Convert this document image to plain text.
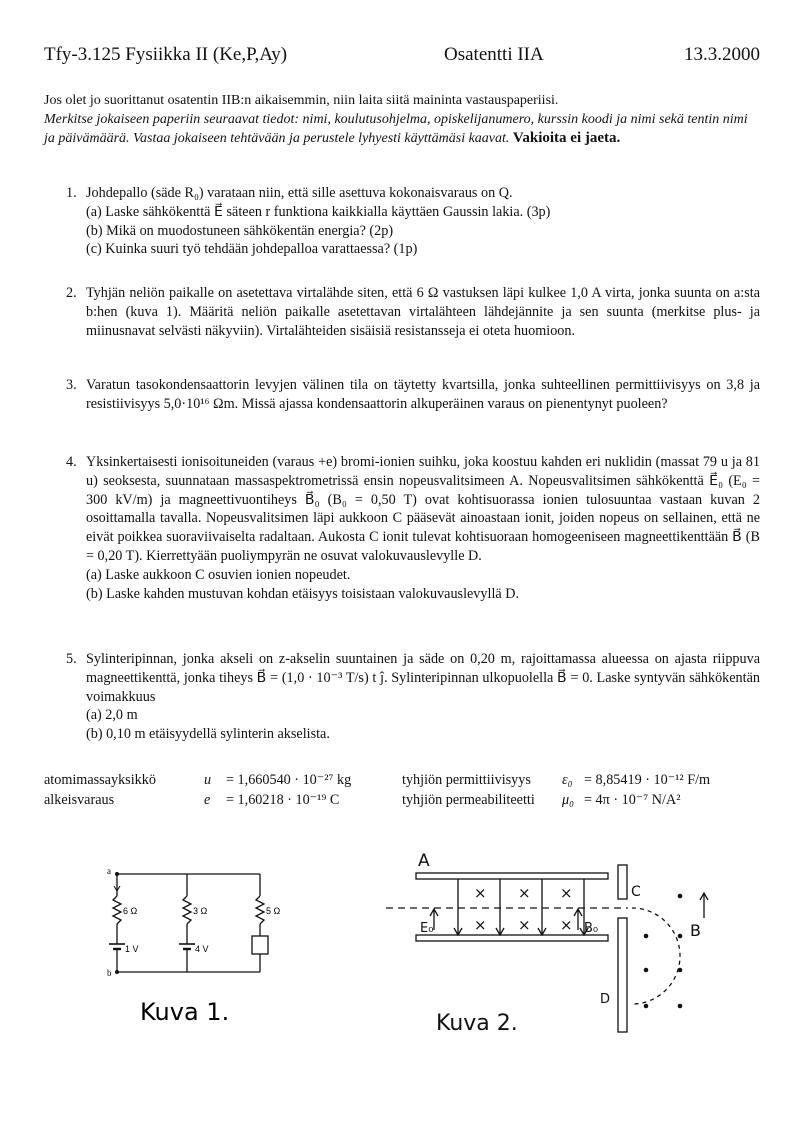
Tfy-3.125 Fysiikka II (Ke,P,Ay)	Osatentti IIA	13.3.2000
Jos olet jo suorittanut osatentin IIB:n aikaisemmin, niin laita siitä maininta vastauspaperiisi.
Merkitse jokaiseen paperiin seuraavat tiedot: nimi, koulutusohjelma, opiskelijanumero, kurssin koodi ja nimi sekä tentin nimi ja päivämäärä. Vastaa jokaiseen tehtävään ja perustele lyhyesti käyttämäsi kaavat. Vakioita ei jaeta.
1. Johdepallo (säde R₀) varataan niin, että sille asettuva kokonaisvaraus on Q.
(a) Laske sähkökenttä E⃗ säteen r funktiona kaikkialla käyttäen Gaussin lakia. (3p)
(b) Mikä on muodostuneen sähkökentän energia? (2p)
(c) Kuinka suuri työ tehdään johdepalloa varattaessa? (1p)
2. Tyhjän neliön paikalle on asetettava virtalähde siten, että 6 Ω vastuksen läpi kulkee 1,0 A virta, jonka suunta on a:sta b:hen (kuva 1). Määritä neliön paikalle asetettavan virtalähteen lähdejännite ja sen suunta (merkitse plus- ja miinusnavat selvästi näkyviin). Virtalähteiden sisäisiä resistansseja ei oteta huomioon.
3. Varatun tasokondensaattorin levyjen välinen tila on täytetty kvartsilla, jonka suhteellinen permittiivisyys on 3,8 ja resistiivisyys 5,0·10¹⁶ Ωm. Missä ajassa kondensaattorin alkuperäinen varaus on pienentynyt puoleen?
4. Yksinkertaisesti ionisoituneiden (varaus +e) bromi-ionien suihku, joka koostuu kahden eri nuklidin (massat 79 u ja 81 u) seoksesta, suunnataan massaspektrometrissä ensin nopeusvalitsimeen A. Nopeusvalitsimen sähkökenttä E⃗₀ (E₀ = 300 kV/m) ja magneettivuontiheys B⃗₀ (B₀ = 0,50 T) ovat kohtisuorassa ionien tulosuuntaa vastaan kuvan 2 osoittamalla tavalla. Nopeusvalitsimen läpi aukkoon C pääsevät ainoastaan ionit, joiden nopeus on sellainen, että ne eivät poikkea suoraviivaiselta radaltaan. Aukosta C ionit tulevat kohtisuoraan homogeeniseen magneettikenttään B⃗ (B = 0,20 T). Kierrettyään puoliympyrän ne osuvat valokuvauslevylle D.
(a) Laske aukkoon C osuvien ionien nopeudet.
(b) Laske kahden mustuvan kohdan etäisyys toisistaan valokuvauslevyllä D.
5. Sylinteripinnan, jonka akseli on z-akselin suuntainen ja säde on 0,20 m, rajoittamassa alueessa on ajasta riippuva magneettikenttä, jonka tiheys B⃗ = (1,0 · 10⁻³ T/s) t ĵ. Sylinteripinnan ulkopuolella B⃗ = 0. Laske syntyvän sähkökentän voimakkuus
(a) 2,0 m
(b) 0,10 m etäisyydellä sylinterin akselista.
atomimassayksikkö	u = 1,660540 · 10⁻²⁷ kg	tyhjiön permittiivisyys ε₀ = 8,85419 · 10⁻¹² F/m
alkeisvaraus	e = 1,60218 · 10⁻¹⁹ C	tyhjiön permeabiliteetti μ₀ = 4π · 10⁻⁷ N/A²
a
b
6 Ω	3 Ω	5 Ω
1 V	4 V
Kuva 1.
× × ×
× × ×
A
C
D
E₀	B₀	B
Kuva 2.
